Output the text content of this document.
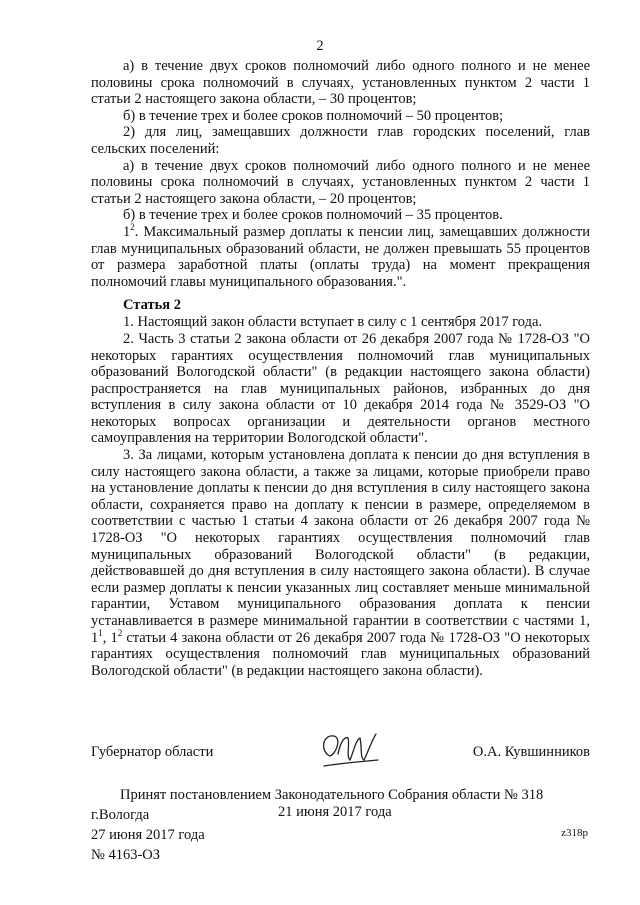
2

а) в течение двух сроков полномочий либо одного полного и не менее половины срока полномочий в случаях, установленных пунктом 2 части 1 статьи 2 настоящего закона области, – 30 процентов;

б) в течение трех и более сроков полномочий – 50 процентов;

2) для лиц, замещавших должности глав городских поселений, глав сельских поселений:

а) в течение двух сроков полномочий либо одного полного и не менее половины срока полномочий в случаях, установленных пунктом 2 части 1 статьи 2 настоящего закона области, – 20 процентов;

б) в течение трех и более сроков полномочий – 35 процентов.

$1^2$. Максимальный размер доплаты к пенсии лиц, замещавших должности глав муниципальных образований области, не должен превышать 55 процентов от размера заработной платы (оплаты труда) на момент прекращения полномочий главы муниципального образования.".

Статья 2

1. Настоящий закон области вступает в силу с 1 сентября 2017 года.

2. Часть 3 статьи 2 закона области от 26 декабря 2007 года № 1728-ОЗ "О некоторых гарантиях осуществления полномочий глав муниципальных образований Вологодской области" (в редакции настоящего закона области) распространяется на глав муниципальных районов, избранных до дня вступления в силу закона области от 10 декабря 2014 года № 3529-ОЗ "О некоторых вопросах организации и деятельности органов местного самоуправления на территории Вологодской области".

3. За лицами, которым установлена доплата к пенсии до дня вступления в силу настоящего закона области, а также за лицами, которые приобрели право на установление доплаты к пенсии до дня вступления в силу настоящего закона области, сохраняется право на доплату к пенсии в размере, определяемом в соответствии с частью 1 статьи 4 закона области от 26 декабря 2007 года № 1728-ОЗ "О некоторых гарантиях осуществления полномочий глав муниципальных образований Вологодской области" (в редакции, действовавшей до дня вступления в силу настоящего закона области). В случае если размер доплаты к пенсии указанных лиц составляет меньше минимальной гарантии, Уставом муниципального образования доплата к пенсии устанавливается в размере минимальной гарантии в соответствии с частями 1, $1^1$, $1^2$ статьи 4 закона области от 26 декабря 2007 года № 1728-ОЗ "О некоторых гарантиях осуществления полномочий глав муниципальных образований Вологодской области" (в редакции настоящего закона области).

Губернатор области	О.А. Кувшинников
Принят постановлением Законодательного Собрания области № 318
21 июня 2017 года
г.Вологда
27 июня 2017 года
№ 4163-ОЗ
z318р
